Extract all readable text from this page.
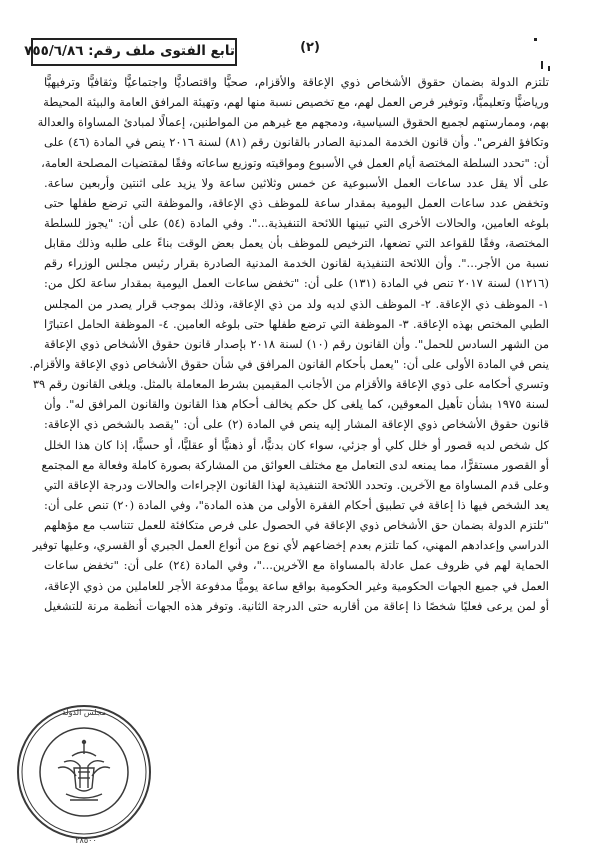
تابع الفتوى ملف رقم: ٧٥٥/٦/٨٦	(٢)
تلتزم الدولة بضمان حقوق الأشخاص ذوي الإعاقة والأقزام، صحيًّا واقتصاديًّا واجتماعيًّا وثقافيًّا وترفيهيًّا
ورياضيًّا وتعليميًّا، وتوفير فرص العمل لهم، مع تخصيص نسبة منها لهم، وتهيئة المرافق العامة والبيئة المحيطة
بهم، وممارستهم لجميع الحقوق السياسية، ودمجهم مع غيرهم من المواطنين، إعمالًا لمبادئ المساواة والعدالة
وتكافؤ الفرص". وأن قانون الخدمة المدنية الصادر بالقانون رقم (٨١) لسنة ٢٠١٦ ينص في المادة (٤٦) على
أن: "تحدد السلطة المختصة أيام العمل في الأسبوع ومواقيته وتوزيع ساعاته وفقًا لمقتضيات المصلحة العامة،
على ألا يقل عدد ساعات العمل الأسبوعية عن خمس وثلاثين ساعة ولا يزيد على اثنتين وأربعين ساعة.
وتخفض عدد ساعات العمل اليومية بمقدار ساعة للموظف ذي الإعاقة، والموظفة التي ترضع طفلها حتى
بلوغه العامين، والحالات الأخرى التي تبينها اللائحة التنفيذية...". وفي المادة (٥٤) على أن: "يجوز للسلطة
المختصة، وفقًا للقواعد التي تضعها، الترخيص للموظف بأن يعمل بعض الوقت بناءً على طلبه وذلك مقابل
نسبة من الأجر...". وأن اللائحة التنفيذية لقانون الخدمة المدنية الصادرة بقرار رئيس مجلس الوزراء رقم
(١٢١٦) لسنة ٢٠١٧ تنص في المادة (١٣١) على أن: "تخفض ساعات العمل اليومية بمقدار ساعة لكل من:
١- الموظف ذي الإعاقة. ٢- الموظف الذي لديه ولد من ذي الإعاقة، وذلك بموجب قرار يصدر من المجلس
الطبي المختص بهذه الإعاقة. ٣- الموظفة التي ترضع طفلها حتى بلوغه العامين. ٤- الموظفة الحامل اعتبارًا
من الشهر السادس للحمل". وأن القانون رقم (١٠) لسنة ٢٠١٨ بإصدار قانون حقوق الأشخاص ذوي الإعاقة
ينص في المادة الأولى على أن: "يعمل بأحكام القانون المرافق في شأن حقوق الأشخاص ذوي الإعاقة والأقزام.
وتسري أحكامه على ذوي الإعاقة والأقزام من الأجانب المقيمين بشرط المعاملة بالمثل. ويلغى القانون رقم ٣٩
لسنة ١٩٧٥ بشأن تأهيل المعوقين، كما يلغى كل حكم يخالف أحكام هذا القانون والقانون المرافق له". وأن
قانون حقوق الأشخاص ذوي الإعاقة المشار إليه ينص في المادة (٢) على أن: "يقصد بالشخص ذي الإعاقة:
كل شخص لديه قصور أو خلل كلي أو جزئي، سواء كان بدنيًّا، أو ذهنيًّا أو عقليًّا، أو حسيًّا، إذا كان هذا الخلل
أو القصور مستقرًّا، مما يمنعه لدى التعامل مع مختلف العوائق من المشاركة بصورة كاملة وفعالة مع المجتمع
وعلى قدم المساواة مع الآخرين. وتحدد اللائحة التنفيذية لهذا القانون الإجراءات والحالات ودرجة الإعاقة التي
يعد الشخص فيها ذا إعاقة في تطبيق أحكام الفقرة الأولى من هذه المادة"، وفي المادة (٢٠) تنص على أن:
"تلتزم الدولة بضمان حق الأشخاص ذوي الإعاقة في الحصول على فرص متكافئة للعمل تتناسب مع مؤهلهم
الدراسي وإعدادهم المهني، كما تلتزم بعدم إخضاعهم لأي نوع من أنواع العمل الجبري أو القسري، وعليها توفير
الحماية لهم في ظروف عمل عادلة بالمساواة مع الآخرين..."، وفي المادة (٢٤) على أن: "تخفض ساعات
العمل في جميع الجهات الحكومية وغير الحكومية بواقع ساعة يوميًّا مدفوعة الأجر للعاملين من ذوي الإعاقة،
أو لمن يرعى فعليًا شخصًا ذا إعاقة من أقاربه حتى الدرجة الثانية. وتوفر هذه الجهات أنظمة مرنة للتشغيل
مجلس الدولة
٢٨٥٠٠
